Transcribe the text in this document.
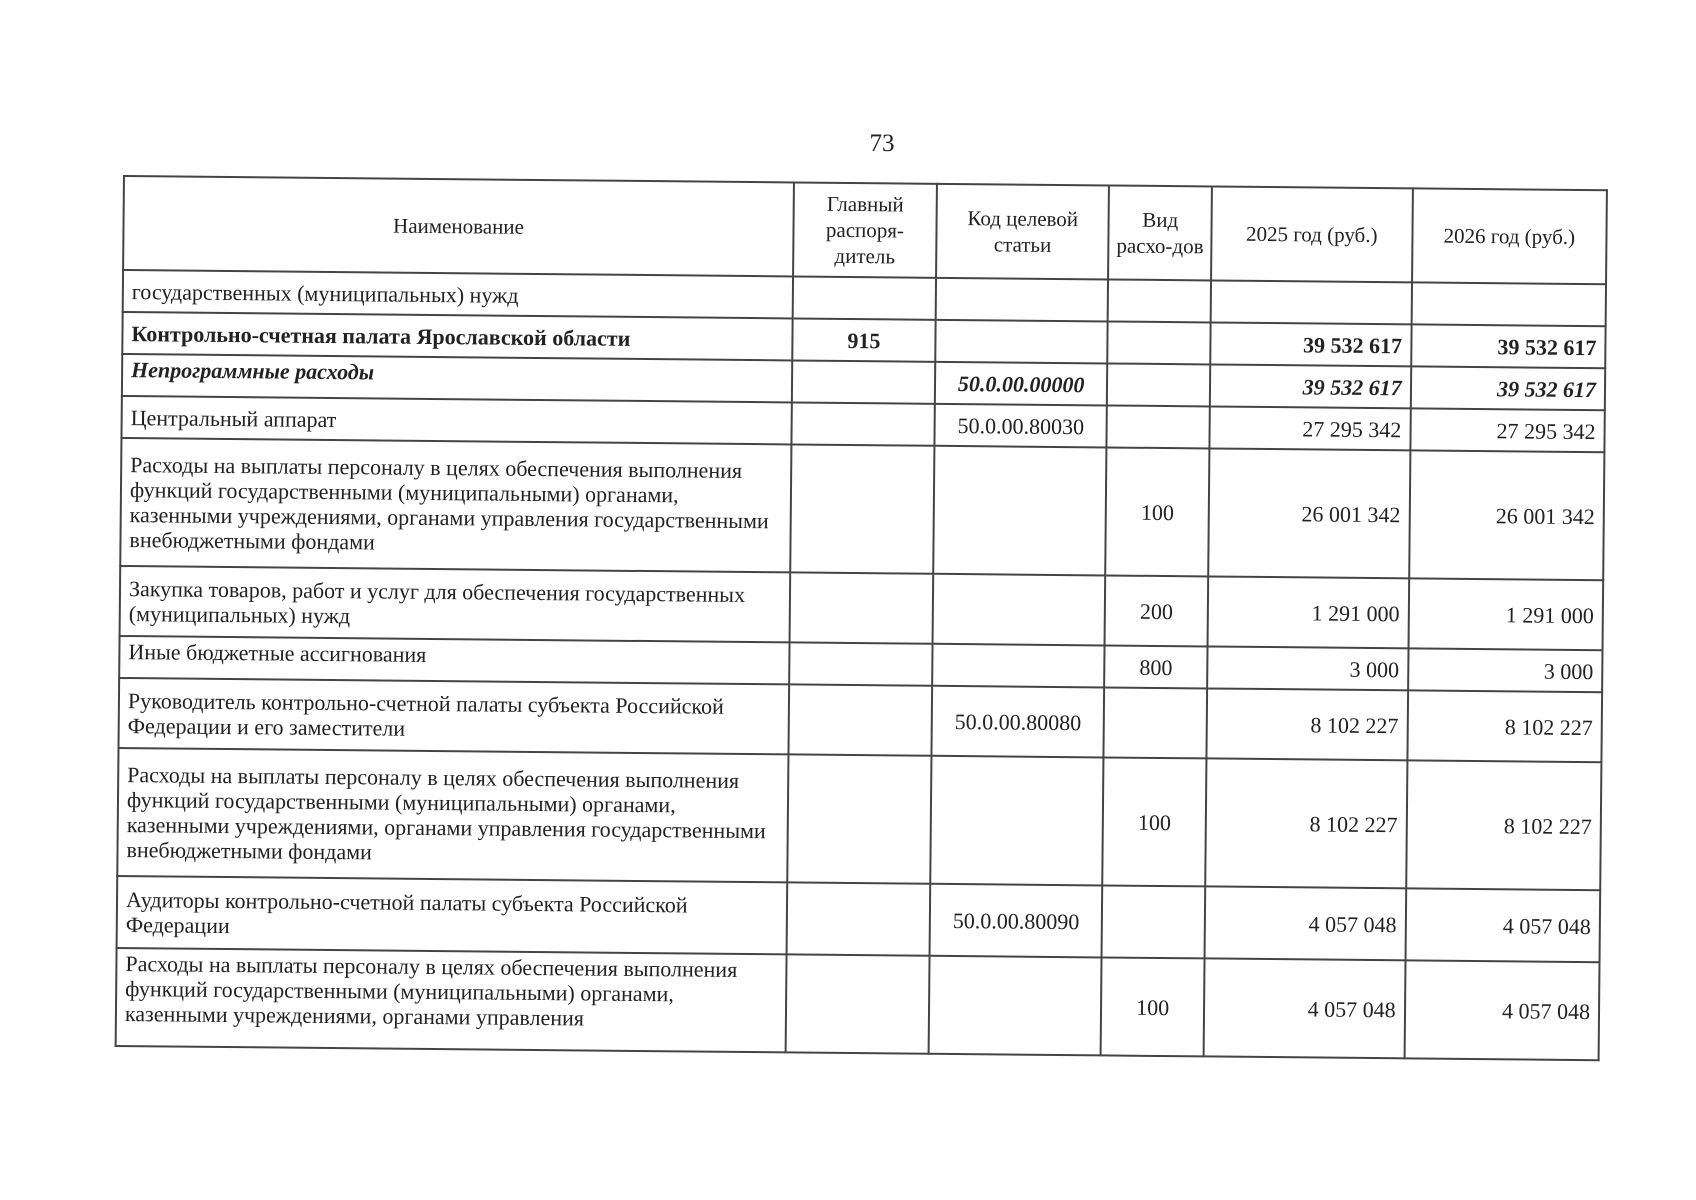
73
Наименование	Главный распоря-дитель	Код целевой статьи	Вид расхо-дов	2025 год (руб.)	2026 год (руб.)
государственных (муниципальных) нужд					
Контрольно-счетная палата Ярославской области	915			39 532 617	39 532 617
Непрограммные расходы		50.0.00.00000		39 532 617	39 532 617
Центральный аппарат		50.0.00.80030		27 295 342	27 295 342
Расходы на выплаты персоналу в целях обеспечения выполнения функций государственными (муниципальными) органами, казенными учреждениями, органами управления государственными внебюджетными фондами			100	26 001 342	26 001 342
Закупка товаров, работ и услуг для обеспечения государственных (муниципальных) нужд			200	1 291 000	1 291 000
Иные бюджетные ассигнования			800	3 000	3 000
Руководитель контрольно-счетной палаты субъекта Российской Федерации и его заместители		50.0.00.80080		8 102 227	8 102 227
Расходы на выплаты персоналу в целях обеспечения выполнения функций государственными (муниципальными) органами, казенными учреждениями, органами управления государственными внебюджетными фондами			100	8 102 227	8 102 227
Аудиторы контрольно-счетной палаты субъекта Российской Федерации		50.0.00.80090		4 057 048	4 057 048
Расходы на выплаты персоналу в целях обеспечения выполнения функций государственными (муниципальными) органами, казенными учреждениями, органами управления			100	4 057 048	4 057 048
